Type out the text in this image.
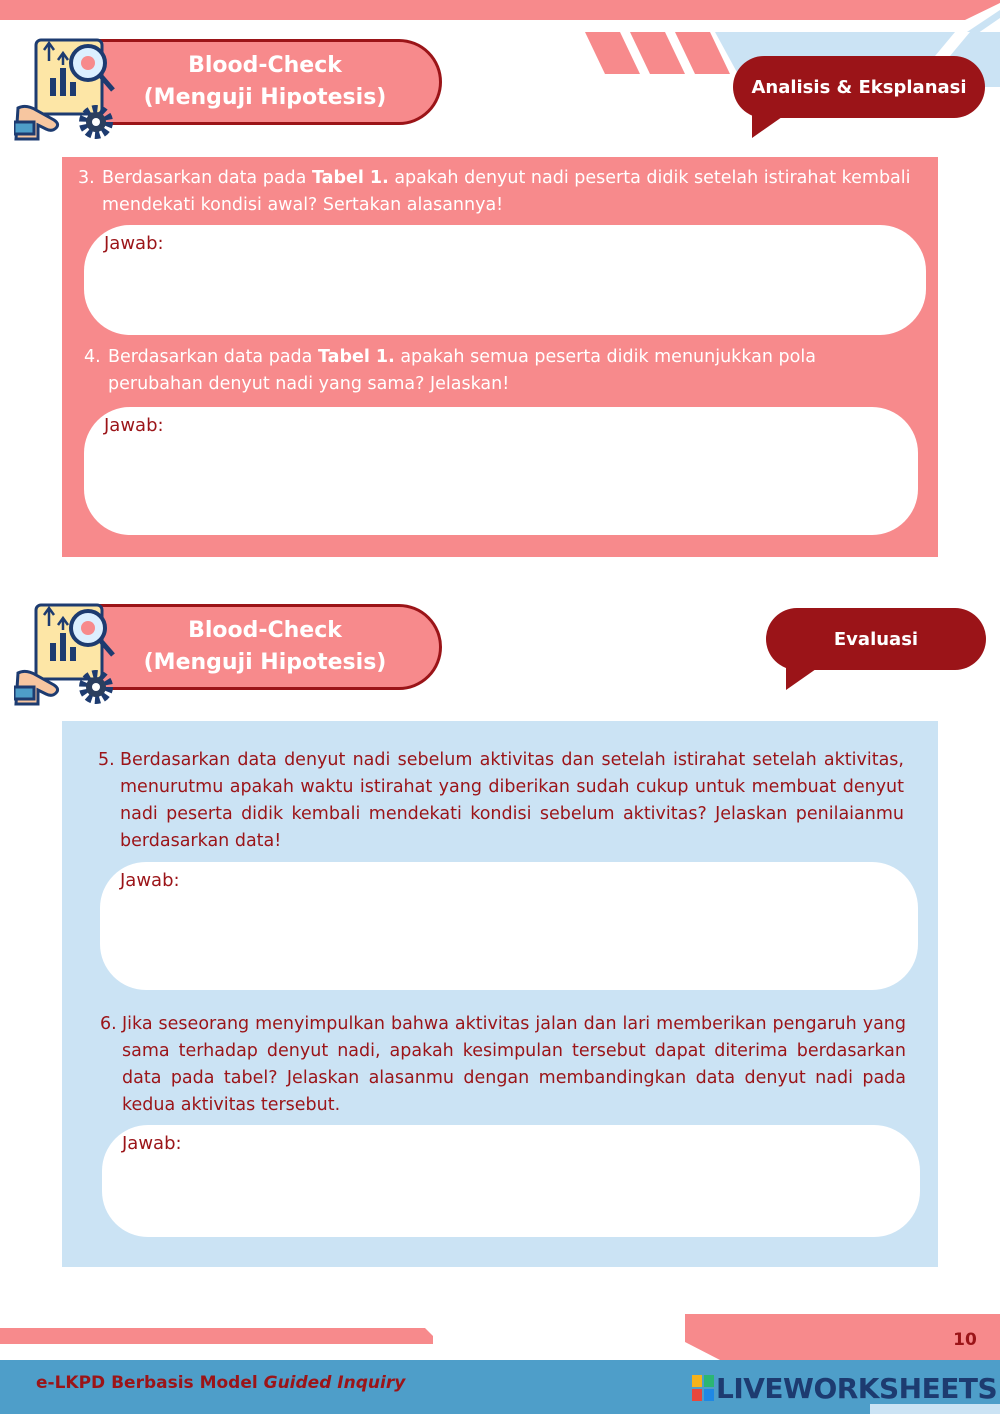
Blood-Check
(Menguji Hipotesis)	Analisis & Eksplanasi
3. Berdasarkan data pada Tabel 1. apakah denyut nadi peserta didik setelah istirahat kembali mendekati kondisi awal? Sertakan alasannya!
Jawab:
4. Berdasarkan data pada Tabel 1. apakah semua peserta didik menunjukkan pola perubahan denyut nadi yang sama? Jelaskan!
Jawab:
Blood-Check
(Menguji Hipotesis)
Evaluasi
5. Berdasarkan data denyut nadi sebelum aktivitas dan setelah istirahat setelah aktivitas, menurutmu apakah waktu istirahat yang diberikan sudah cukup untuk membuat denyut nadi peserta didik kembali mendekati kondisi sebelum aktivitas? Jelaskan penilaianmu berdasarkan data!
Jawab:
6. Jika seseorang menyimpulkan bahwa aktivitas jalan dan lari memberikan pengaruh yang sama terhadap denyut nadi, apakah kesimpulan tersebut dapat diterima berdasarkan data pada tabel? Jelaskan alasanmu dengan membandingkan data denyut nadi pada kedua aktivitas tersebut.
Jawab:
10
e-LKPD Berbasis Model Guided Inquiry	LIVEWORKSHEETS
